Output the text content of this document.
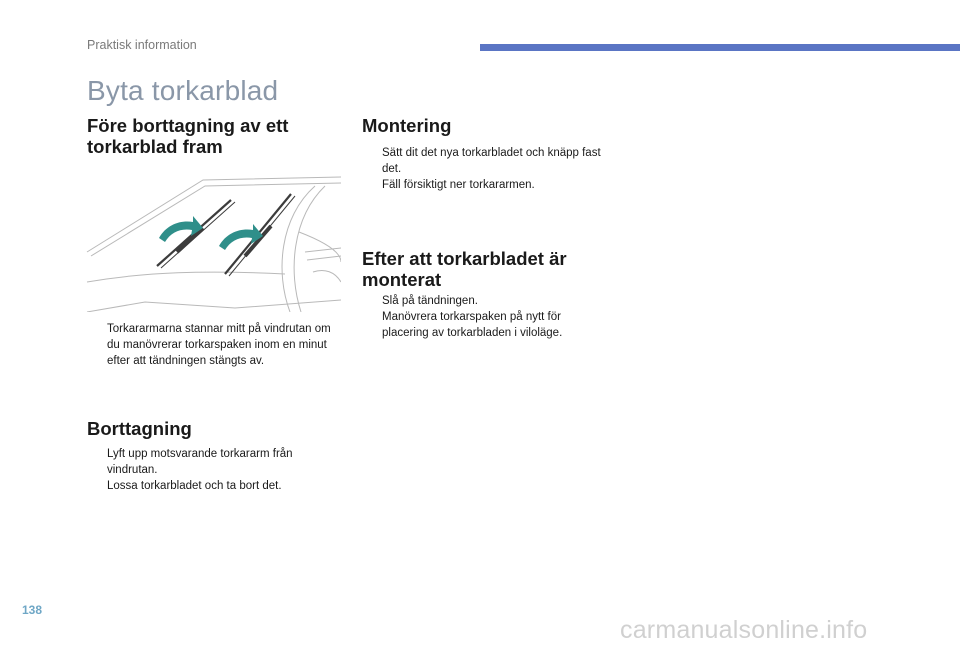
Praktisk information
Byta torkarblad
Före borttagning av ett torkarblad fram
Torkararmarna stannar mitt på vindrutan om du manövrerar torkarspaken inom en minut efter att tändningen stängts av.
Borttagning
Lyft upp motsvarande torkararm från vindrutan.
Lossa torkarbladet och ta bort det.
Montering
Sätt dit det nya torkarbladet och knäpp fast det.
Fäll försiktigt ner torkararmen.
Efter att torkarbladet är monterat
Slå på tändningen.
Manövrera torkarspaken på nytt för placering av torkarbladen i viloläge.
138
carmanualsonline.info
